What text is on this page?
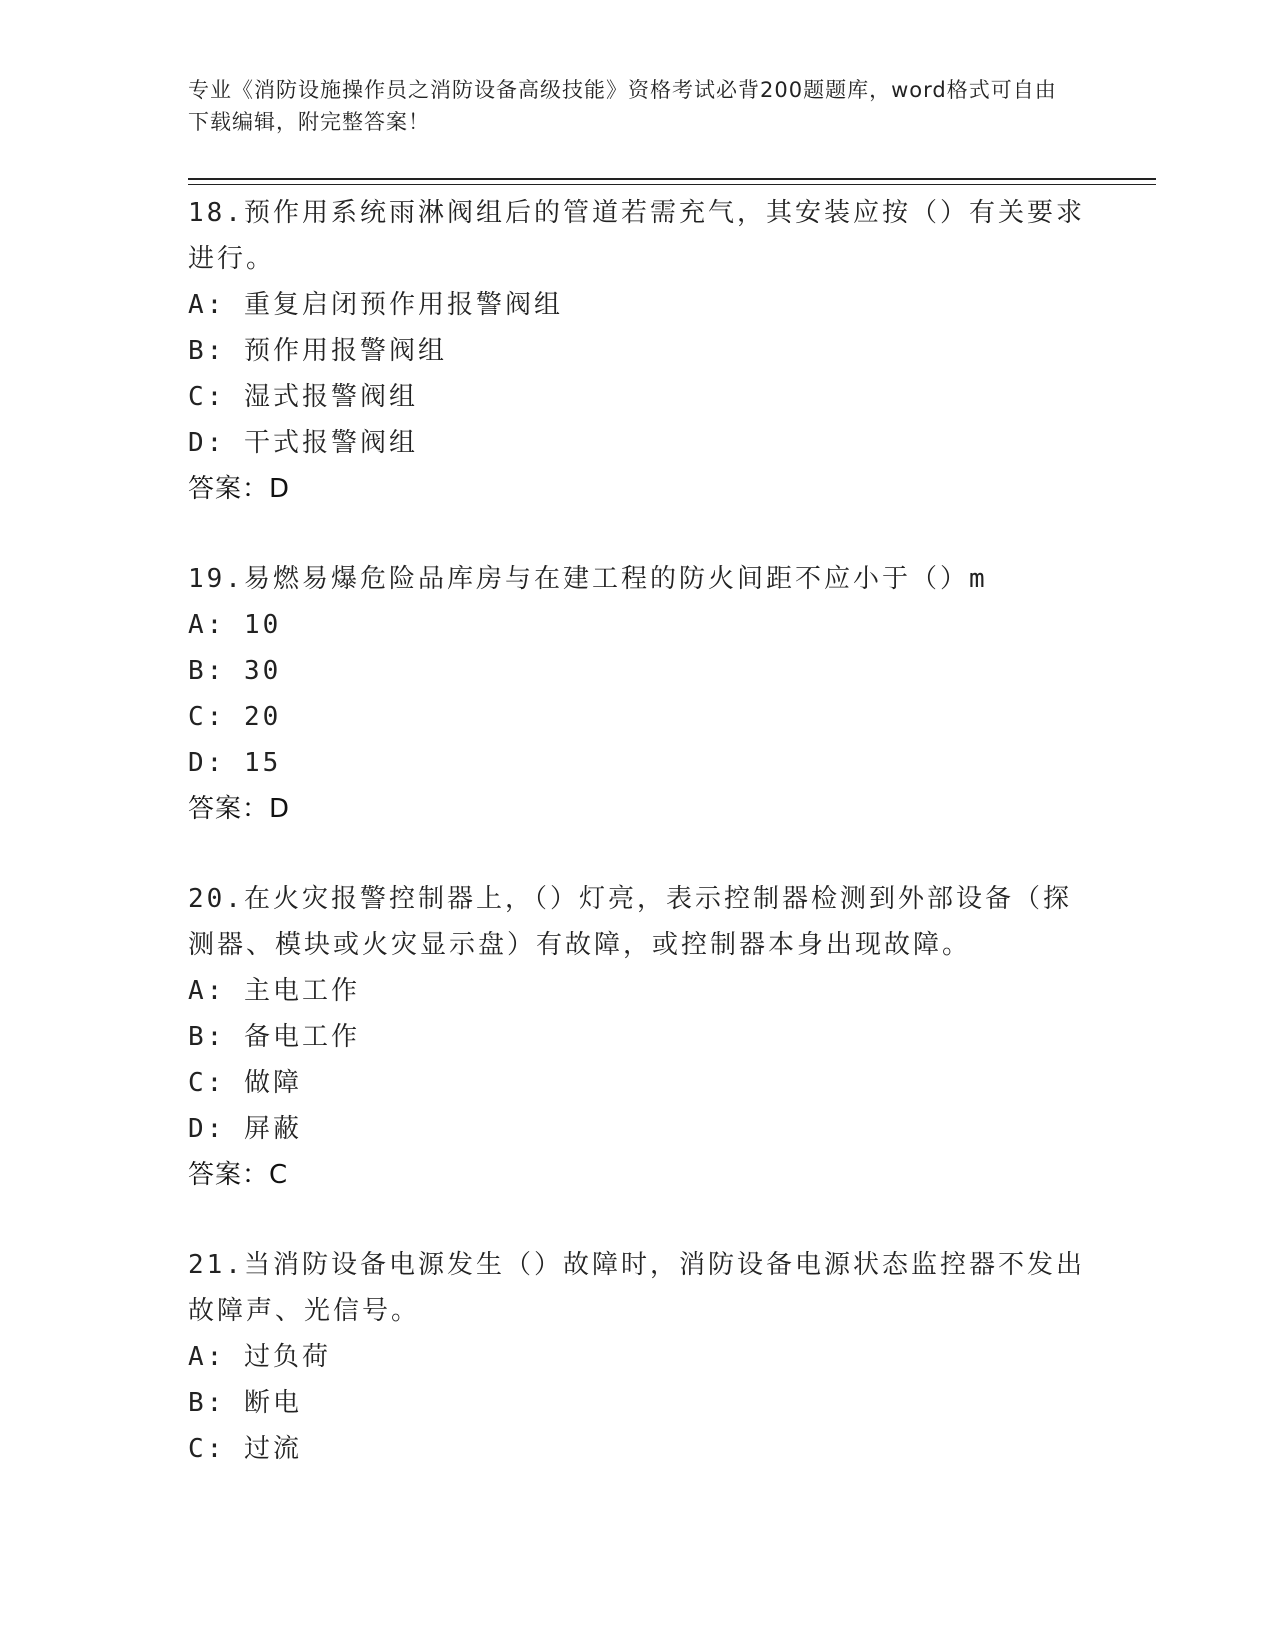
专业《消防设施操作员之消防设备高级技能》资格考试必背200题题库，word格式可自由下载编辑，附完整答案！

18.预作用系统雨淋阀组后的管道若需充气，其安装应按（）有关要求进行。

A: 重复启闭预作用报警阀组

B: 预作用报警阀组

C: 湿式报警阀组

D: 干式报警阀组

答案：D

19.易燃易爆危险品库房与在建工程的防火间距不应小于（）m

A: 10

B: 30

C: 20

D: 15

答案：D

20.在火灾报警控制器上，（）灯亮，表示控制器检测到外部设备（探测器、模块或火灾显示盘）有故障，或控制器本身出现故障。

A: 主电工作

B: 备电工作

C: 做障

D: 屏蔽

答案：C

21.当消防设备电源发生（）故障时，消防设备电源状态监控器不发出故障声、光信号。

A: 过负荷

B: 断电

C: 过流
